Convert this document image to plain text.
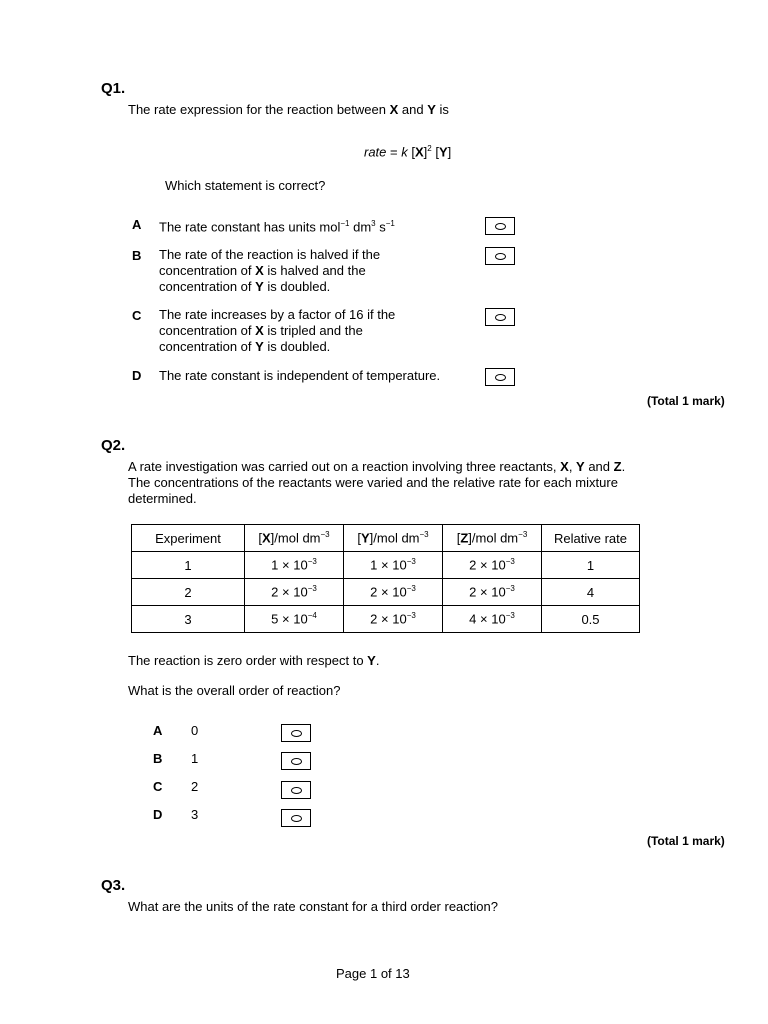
Q1.
The rate expression for the reaction between X and Y is
rate = k $[X]^2$ [Y]
Which statement is correct?
A The rate constant has units mol$^{-1}$ $dm^3$ $s^{-1}$
B The rate of the reaction is halved if the
concentration of X is halved and the
concentration of Y is doubled.
C The rate increases by a factor of 16 if the
concentration of X is tripled and the
concentration of Y is doubled.
D The rate constant is independent of temperature.
(Total 1 mark)
Q2.
A rate investigation was carried out on a reaction involving three reactants, X, Y and Z.
The concentrations of the reactants were varied and the relative rate for each mixture
determined.
Experiment	[X]/mol $dm^{-3}$	[Y]/mol $dm^{-3}$	[Z]/mol $dm^{-3}$	Relative rate
1	$1 \times 10^{-3}$	$1 \times 10^{-3}$	$2 \times 10^{-3}$	1
2	$2 \times 10^{-3}$	$2 \times 10^{-3}$	$2 \times 10^{-3}$	4
3	$5 \times 10^{-4}$	$2 \times 10^{-3}$	$4 \times 10^{-3}$	0.5
The reaction is zero order with respect to Y.
What is the overall order of reaction?
A 0
B 1
C 2
D 3
(Total 1 mark)
Q3.
What are the units of the rate constant for a third order reaction?
Page 1 of 13
